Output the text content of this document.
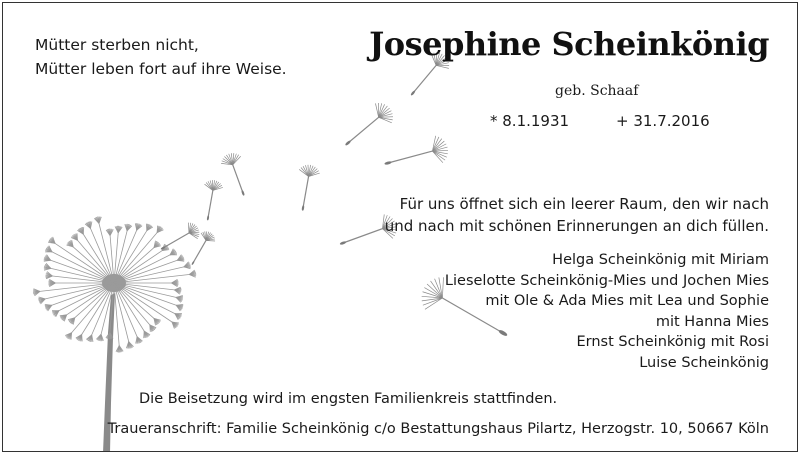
Mütter sterben nicht,
Mütter leben fort auf ihre Weise.
Josephine Scheinkönig
geb. Schaaf
* 8.1.1931	+ 31.7.2016
Für uns öffnet sich ein leerer Raum, den wir nach
und nach mit schönen Erinnerungen an dich füllen.
Helga Scheinkönig mit Miriam
Lieselotte Scheinkönig-Mies und Jochen Mies
mit Ole & Ada Mies mit Lea und Sophie
mit Hanna Mies
Ernst Scheinkönig mit Rosi
Luise Scheinkönig
Die Beisetzung wird im engsten Familienkreis stattfinden.
Traueranschrift: Familie Scheinkönig c/o Bestattungshaus Pilartz, Herzogstr. 10, 50667 Köln
